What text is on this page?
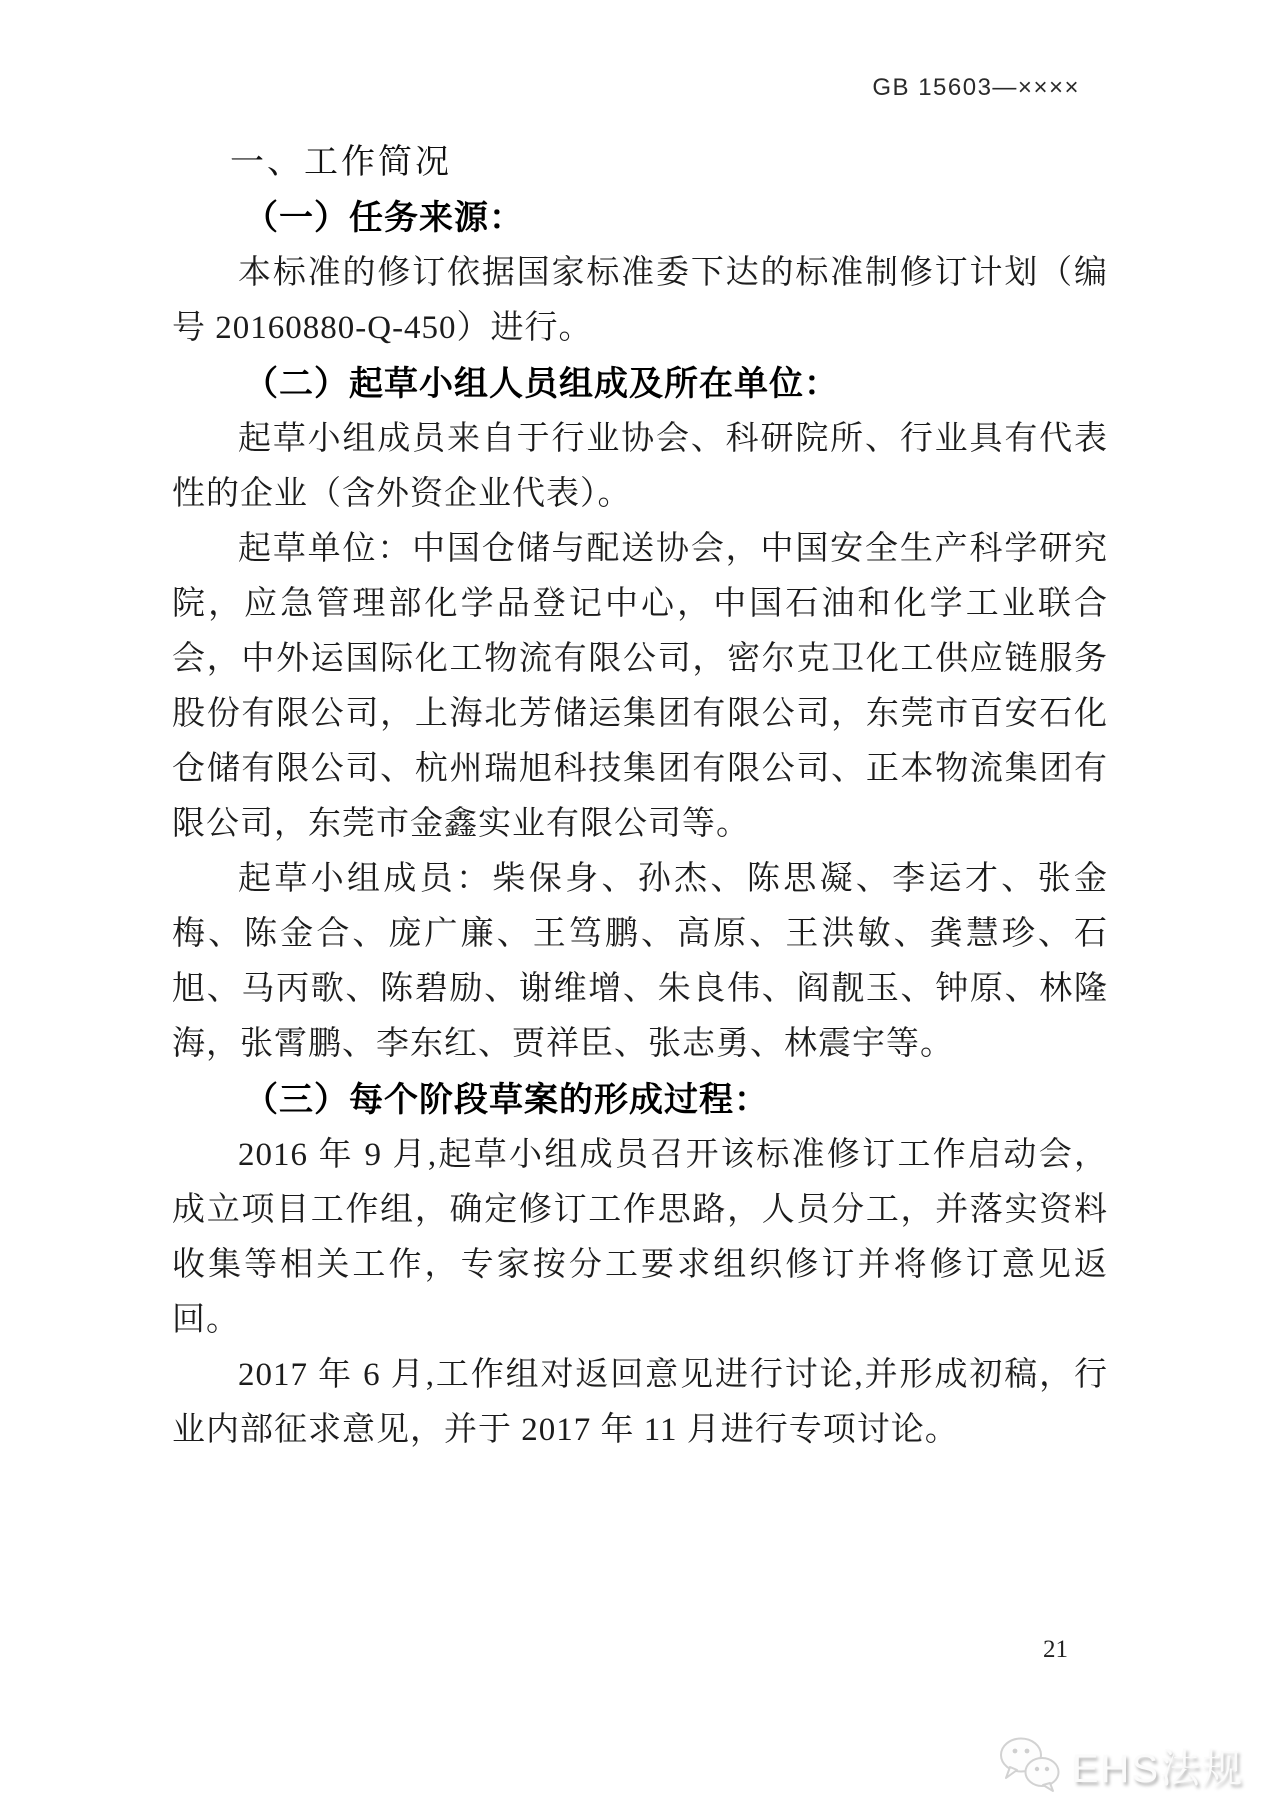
GB 15603—××××

一、工作简况

（一）任务来源：

本标准的修订依据国家标准委下达的标准制修订计划（编号 20160880-Q-450）进行。

（二）起草小组人员组成及所在单位：

起草小组成员来自于行业协会、科研院所、行业具有代表性的企业（含外资企业代表）。

起草单位：中国仓储与配送协会，中国安全生产科学研究院，应急管理部化学品登记中心，中国石油和化学工业联合会，中外运国际化工物流有限公司，密尔克卫化工供应链服务股份有限公司，上海北芳储运集团有限公司，东莞市百安石化仓储有限公司、杭州瑞旭科技集团有限公司、正本物流集团有限公司，东莞市金鑫实业有限公司等。

起草小组成员：柴保身、孙杰、陈思凝、李运才、张金梅、陈金合、庞广廉、王笃鹏、高原、王洪敏、龚慧珍、石旭、马丙歌、陈碧励、谢维增、朱良伟、阎靓玉、钟原、林隆海，张霄鹏、李东红、贾祥臣、张志勇、林震宇等。

（三）每个阶段草案的形成过程：

2016 年 9 月,起草小组成员召开该标准修订工作启动会，成立项目工作组，确定修订工作思路，人员分工，并落实资料收集等相关工作，专家按分工要求组织修订并将修订意见返回。

2017 年 6 月,工作组对返回意见进行讨论,并形成初稿，行业内部征求意见，并于 2017 年 11 月进行专项讨论。

21
EHS法规
